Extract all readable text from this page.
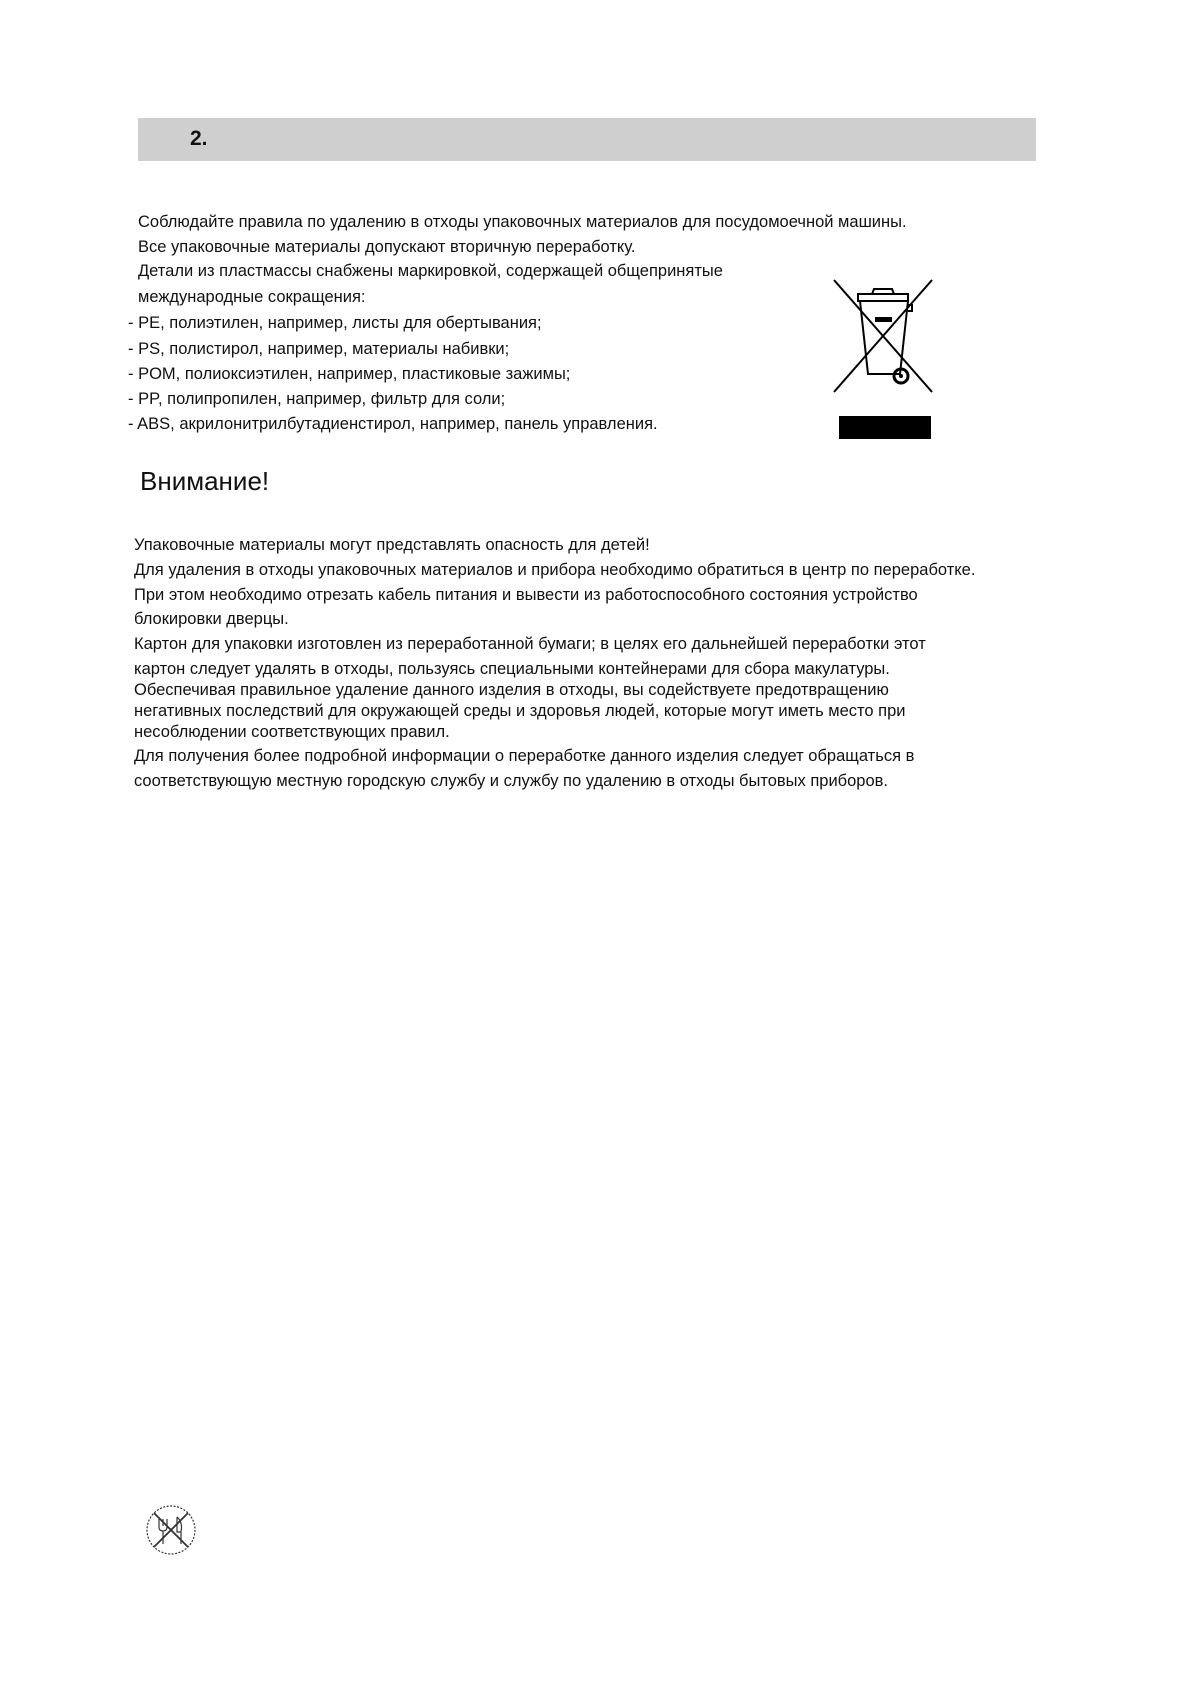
2.
Соблюдайте правила по удалению в отходы упаковочных материалов для посудомоечной машины.
Все упаковочные материалы допускают вторичную переработку.
Детали из пластмассы снабжены маркировкой, содержащей общепринятые
международные сокращения:
- PE, полиэтилен, например, листы для обертывания;
- PS, полистирол, например, материалы набивки;
- POM, полиоксиэтилен, например, пластиковые зажимы;
- PP, полипропилен, например, фильтр для соли;
- ABS, акрилонитрилбутадиенстирол, например, панель управления.
Внимание!
Упаковочные материалы могут представлять опасность для детей!
Для удаления в отходы упаковочных материалов и прибора необходимо обратиться в центр по переработке.
При этом необходимо отрезать кабель питания и вывести из работоспособного состояния устройство
блокировки дверцы.
Картон для упаковки изготовлен из переработанной бумаги; в целях его дальнейшей переработки этот
картон следует удалять в отходы, пользуясь специальными контейнерами для сбора макулатуры.
Обеспечивая правильное удаление данного изделия в отходы, вы содействуете предотвращению
негативных последствий для окружающей среды и здоровья людей, которые могут иметь место при
несоблюдении соответствующих правил.
Для получения более подробной информации о переработке данного изделия следует обращаться в
соответствующую местную городскую службу и службу по удалению в отходы бытовых приборов.
